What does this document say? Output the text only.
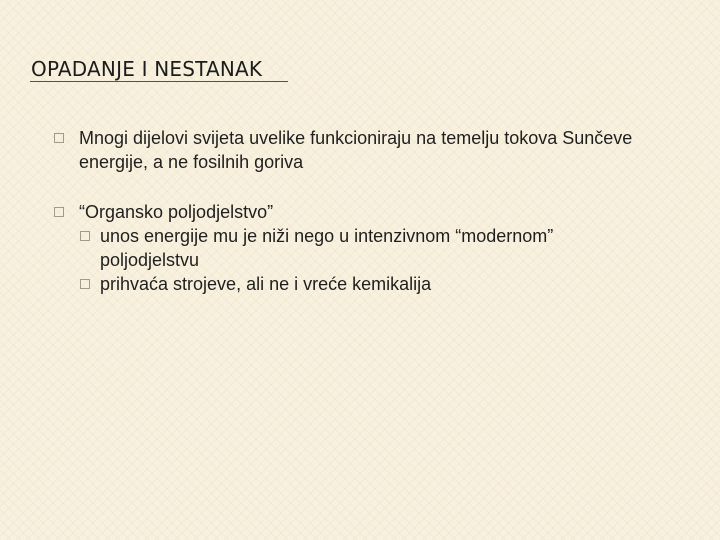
OPADANJE I NESTANAK
Mnogi dijelovi svijeta uvelike funkcioniraju na temelju tokova Sunčeve energije, a ne fosilnih goriva
“Organsko poljodjelstvo”
unos energije mu je niži nego u intenzivnom “modernom” poljodjelstvu
prihvaća strojeve, ali ne i vreće kemikalija
